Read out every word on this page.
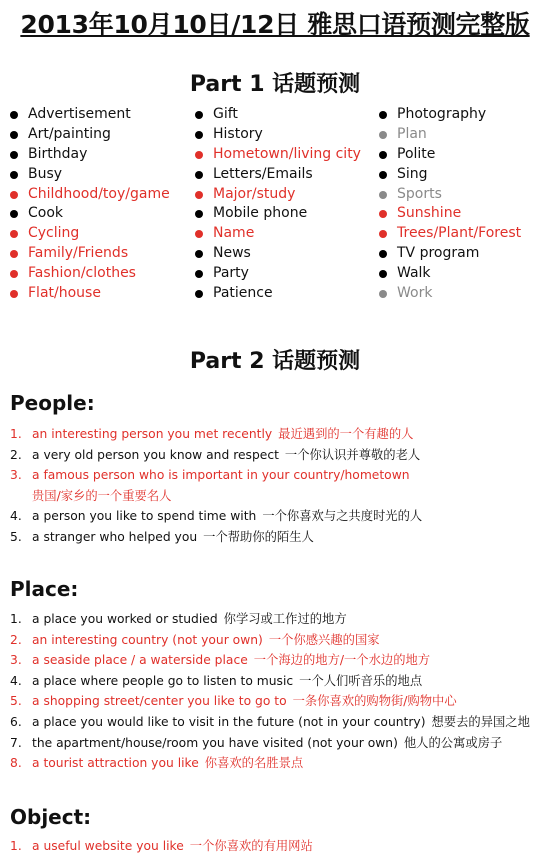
2013年10月10日/12日 雅思口语预测完整版
Part 1 话题预测
Advertisement
Art/painting
Birthday
Busy
Childhood/toy/game
Cook
Cycling
Family/Friends
Fashion/clothes
Flat/house
Gift
History
Hometown/living city
Letters/Emails
Major/study
Mobile phone
Name
News
Party
Patience
Photography
Plan
Polite
Sing
Sports
Sunshine
Trees/Plant/Forest
TV program
Walk
Work
Part 2 话题预测
People:
1. an interesting person you met recently 最近遇到的一个有趣的人
2. a very old person you know and respect 一个你认识并尊敬的老人
3. a famous person who is important in your country/hometown
贵国/家乡的一个重要名人
4. a person you like to spend time with 一个你喜欢与之共度时光的人
5. a stranger who helped you 一个帮助你的陌生人
Place:
1. a place you worked or studied 你学习或工作过的地方
2. an interesting country (not your own) 一个你感兴趣的国家
3. a seaside place / a waterside place 一个海边的地方/一个水边的地方
4. a place where people go to listen to music 一个人们听音乐的地点
5. a shopping street/center you like to go to 一条你喜欢的购物街/购物中心
6. a place you would like to visit in the future (not in your country) 想要去的异国之地
7. the apartment/house/room you have visited (not your own) 他人的公寓或房子
8. a tourist attraction you like 你喜欢的名胜景点
Object:
1. a useful website you like 一个你喜欢的有用网站
